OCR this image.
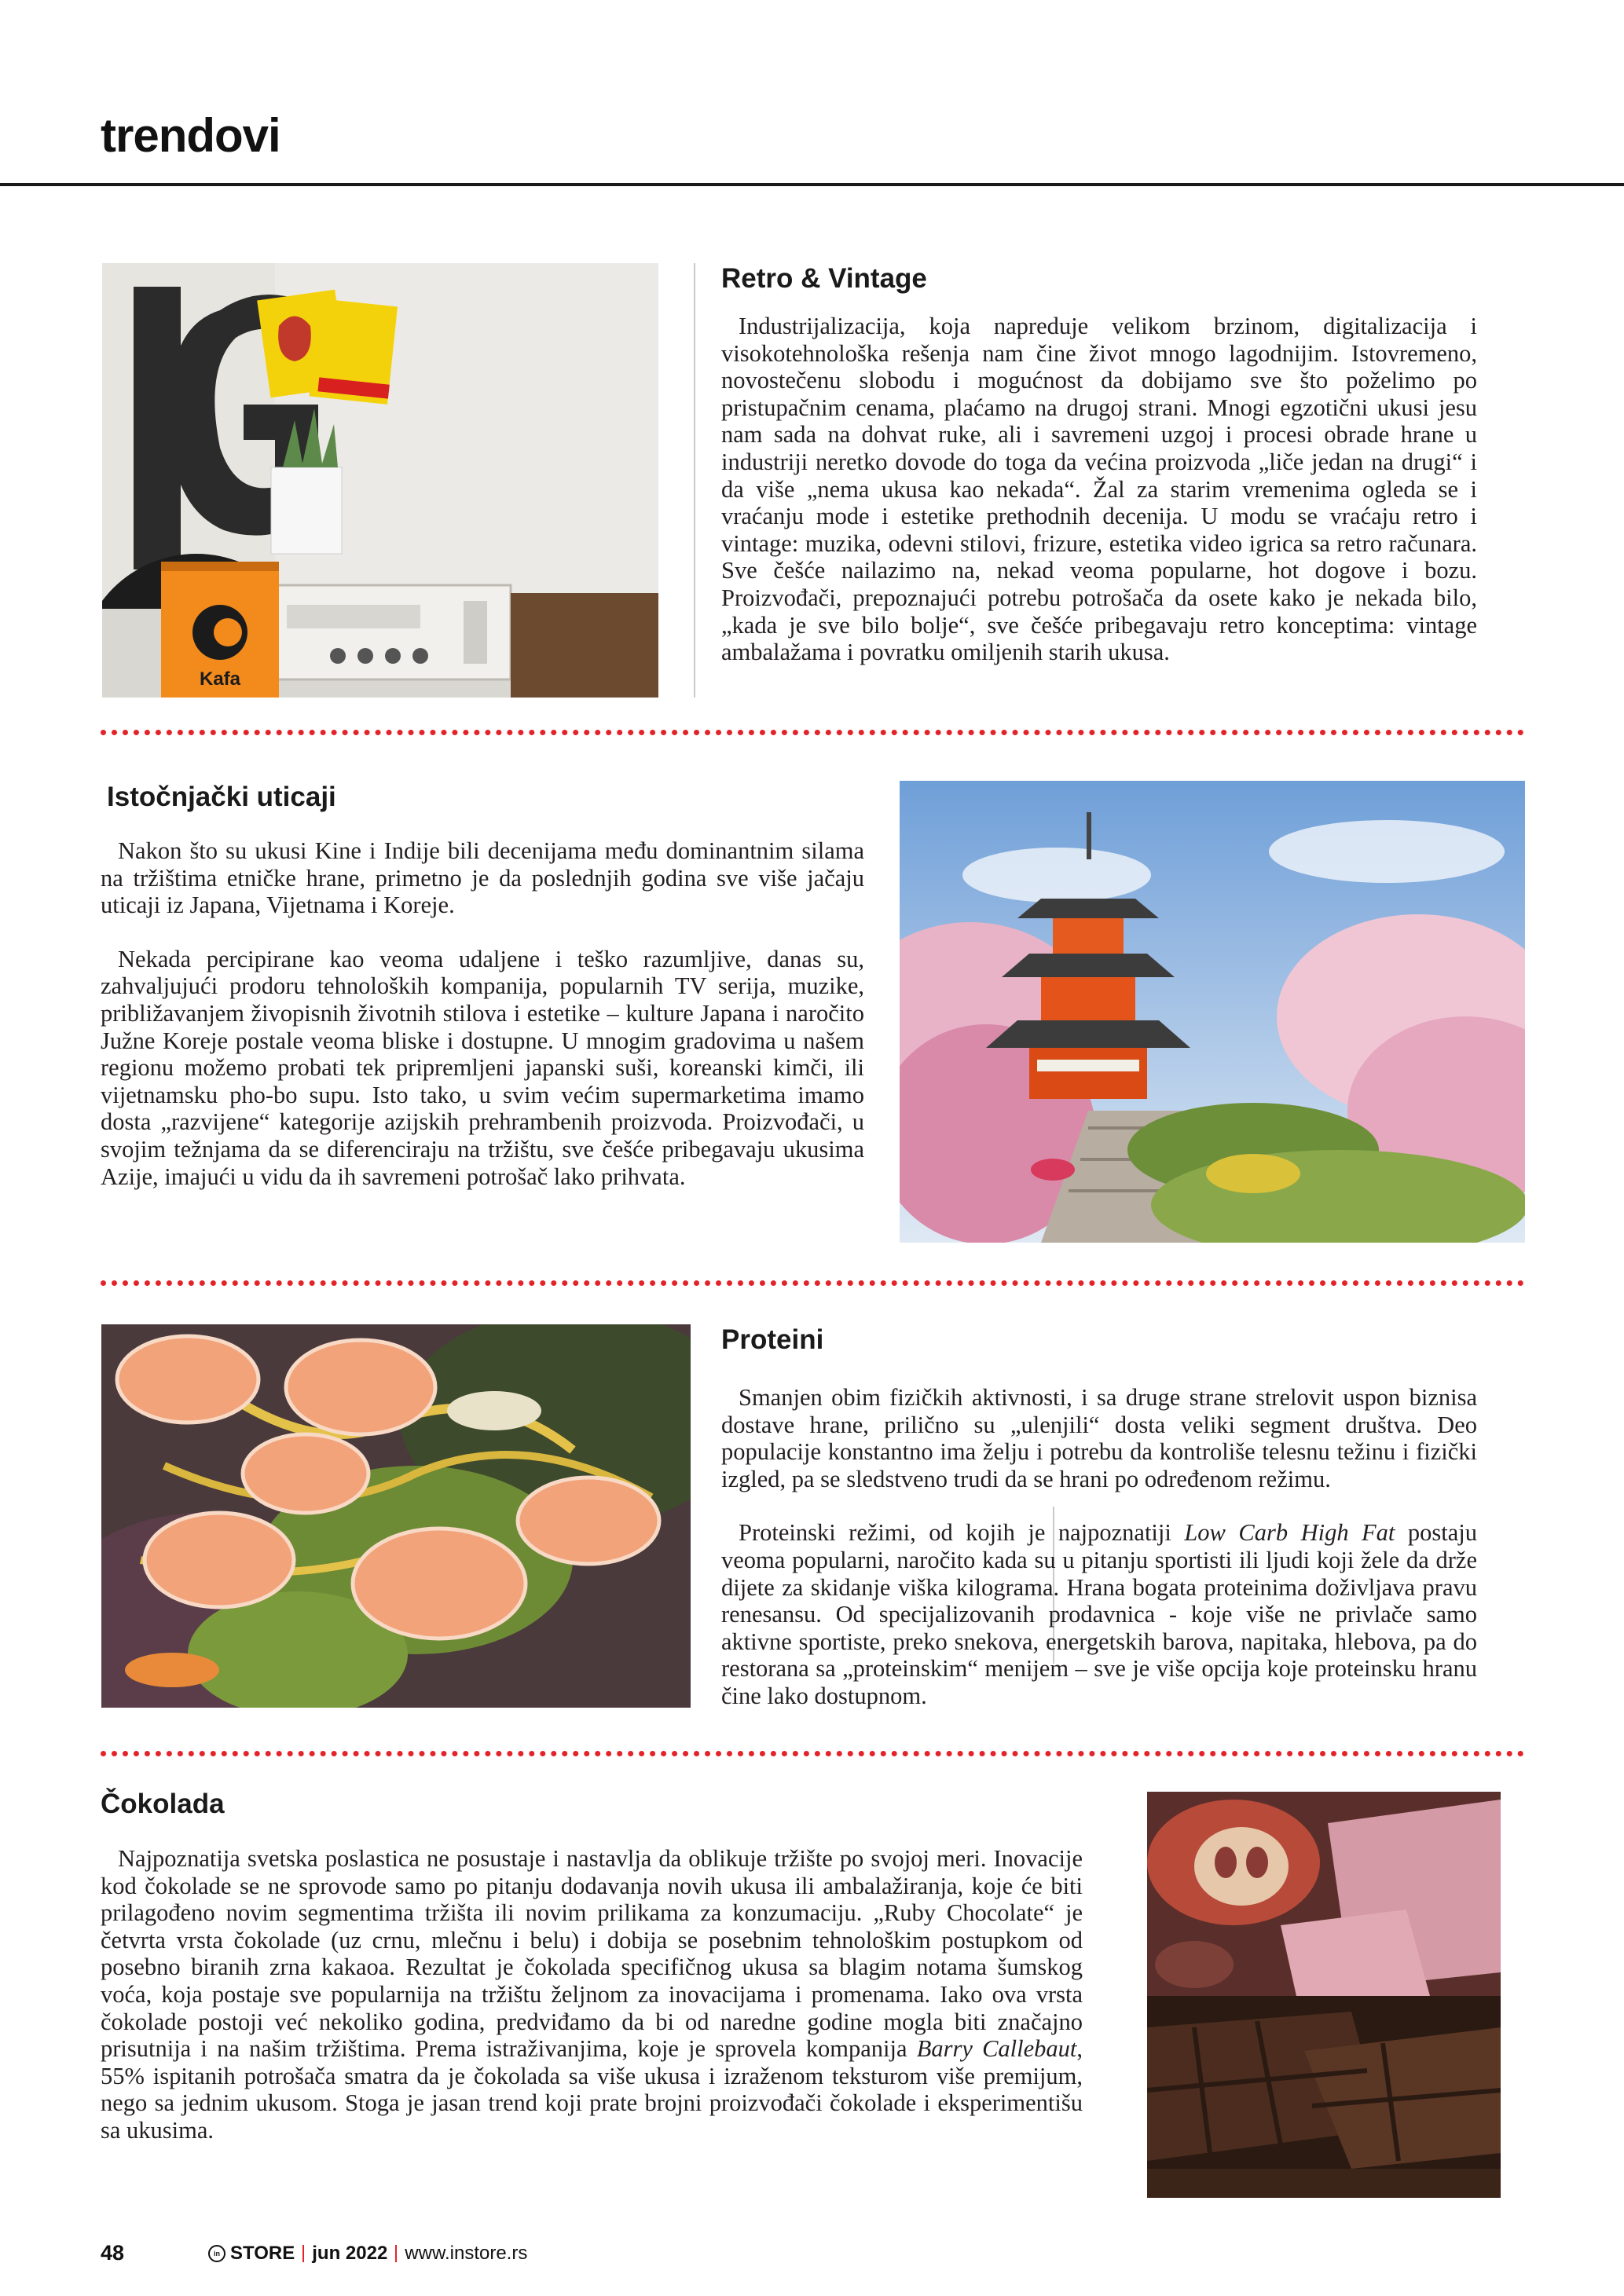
trendovi
Kafa
Retro & Vintage

Industrijalizacija, koja napreduje velikom brzinom, digitalizacija i visokotehnološka rešenja nam čine život mnogo lagodnijim. Istovremeno, novostečenu slobodu i mogućnost da dobijamo sve što poželimo po pristupačnim cenama, plaćamo na drugoj strani. Mnogi egzotični ukusi jesu nam sada na dohvat ruke, ali i savremeni uzgoj i procesi obrade hrane u industriji neretko dovode do toga da većina proizvoda „liče jedan na drugi“ i da više „nema ukusa kao nekada“. Žal za starim vremenima ogleda se i vraćanju mode i estetike prethodnih decenija. U modu se vraćaju retro i vintage: muzika, odevni stilovi, frizure, estetika video igrica sa retro računara. Sve češće nailazimo na, nekad veoma popularne, hot dogove i bozu. Proizvođači, prepoznajući potrebu potrošača da osete kako je nekada bilo, „kada je sve bilo bolje“, sve češće pribegavaju retro konceptima: vintage ambalažama i povratku omiljenih starih ukusa.

Istočnjački uticaji

Nakon što su ukusi Kine i Indije bili decenijama među dominantnim silama na tržištima etničke hrane, primetno je da poslednjih godina sve više jačaju uticaji iz Japana, Vijetnama i Koreje.

Nekada percipirane kao veoma udaljene i teško razumljive, danas su, zahvaljujući prodoru tehnoloških kompanija, popularnih TV serija, muzike, približavanjem živopisnih životnih stilova i estetike – kulture Japana i naročito Južne Koreje postale veoma bliske i dostupne. U mnogim gradovima u našem regionu možemo probati tek pripremljeni japanski suši, koreanski kimči, ili vijetnamsku pho-bo supu. Isto tako, u svim većim supermarketima imamo dosta „razvijene“ kategorije azijskih prehrambenih proizvoda. Proizvođači, u svojim težnjama da se diferenciraju na tržištu, sve češće pribegavaju ukusima Azije, imajući u vidu da ih savremeni potrošač lako prihvata.

Proteini

Smanjen obim fizičkih aktivnosti, i sa druge strane strelovit uspon biznisa dostave hrane, prilično su „ulenjili“ dosta veliki segment društva. Deo populacije konstantno ima želju i potrebu da kontroliše telesnu težinu i fizički izgled, pa se sledstveno trudi da se hrani po određenom režimu.

Proteinski režimi, od kojih je najpoznatiji Low Carb High Fat postaju veoma popularni, naročito kada su u pitanju sportisti ili ljudi koji žele da drže dijete za skidanje viška kilograma. Hrana bogata proteinima doživljava pravu renesansu. Od specijalizovanih prodavnica - koje više ne privlače samo aktivne sportiste, preko snekova, energetskih barova, napitaka, hlebova, pa do restorana sa „proteinskim“ menijem – sve je više opcija koje proteinsku hranu čine lako dostupnom.

Čokolada

Najpoznatija svetska poslastica ne posustaje i nastavlja da oblikuje tržište po svojoj meri. Inovacije kod čokolade se ne sprovode samo po pitanju dodavanja novih ukusa ili ambalažiranja, koje će biti prilagođeno novim segmentima tržišta ili novim prilikama za konzumaciju. „Ruby Chocolate“ je četvrta vrsta čokolade (uz crnu, mlečnu i belu) i dobija se posebnim tehnološkim postupkom od posebno biranih zrna kakaoa. Rezultat je čokolada specifičnog ukusa sa blagim notama šumskog voća, koja postaje sve popularnija na tržištu željnom za inovacijama i promenama. Iako ova vrsta čokolade postoji već nekoliko godina, predviđamo da bi od naredne godine mogla biti značajno prisutnija i na našim tržištima. Prema istraživanjima, koje je sprovela kompanija Barry Callebaut, 55% ispitanih potrošača smatra da je čokolada sa više ukusa i izraženom teksturom više premijum, nego sa jednim ukusom. Stoga je jasan trend koji prate brojni proizvođači čokolade i eksperimentišu sa ukusima.

48	in STORE jun 2022 www.instore.rs
